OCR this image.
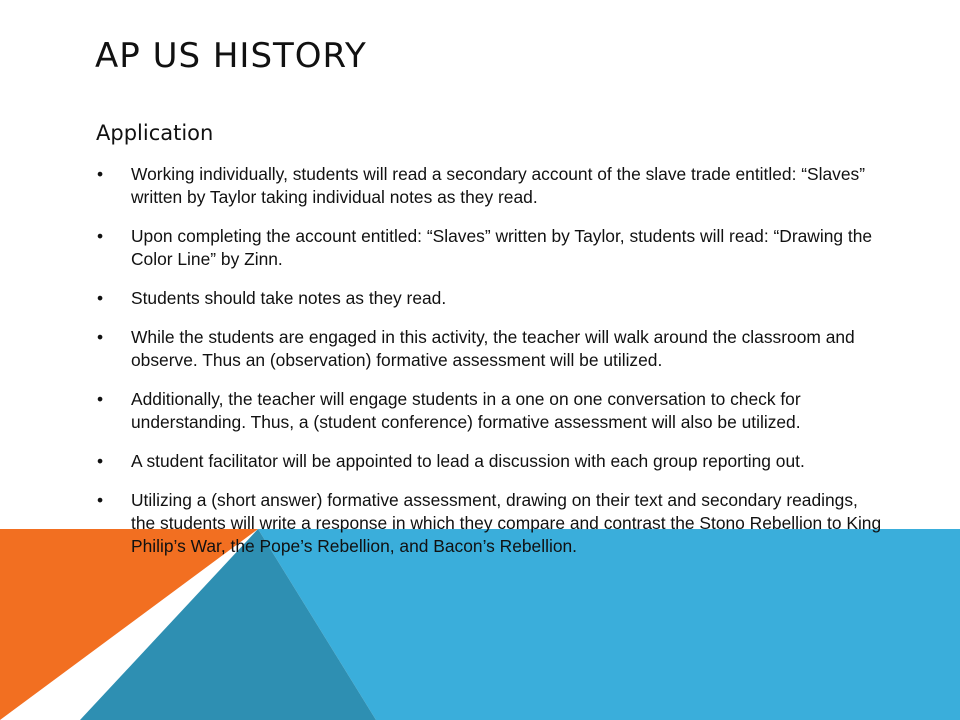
AP US HISTORY
Application
• Working individually, students will read a secondary account of the slave trade entitled: “Slaves” written by Taylor taking individual notes as they read.
• Upon completing the account entitled: “Slaves” written by Taylor, students will read: “Drawing the Color Line” by Zinn.
• Students should take notes as they read.
• While the students are engaged in this activity, the teacher will walk around the classroom and observe. Thus an (observation) formative assessment will be utilized.
• Additionally, the teacher will engage students in a one on one conversation to check for understanding. Thus, a (student conference) formative assessment will also be utilized.
• A student facilitator will be appointed to lead a discussion with each group reporting out.
• Utilizing a (short answer) formative assessment, drawing on their text and secondary readings, the students will write a response in which they compare and contrast the Stono Rebellion to King Philip’s War, the Pope’s Rebellion, and Bacon’s Rebellion.
